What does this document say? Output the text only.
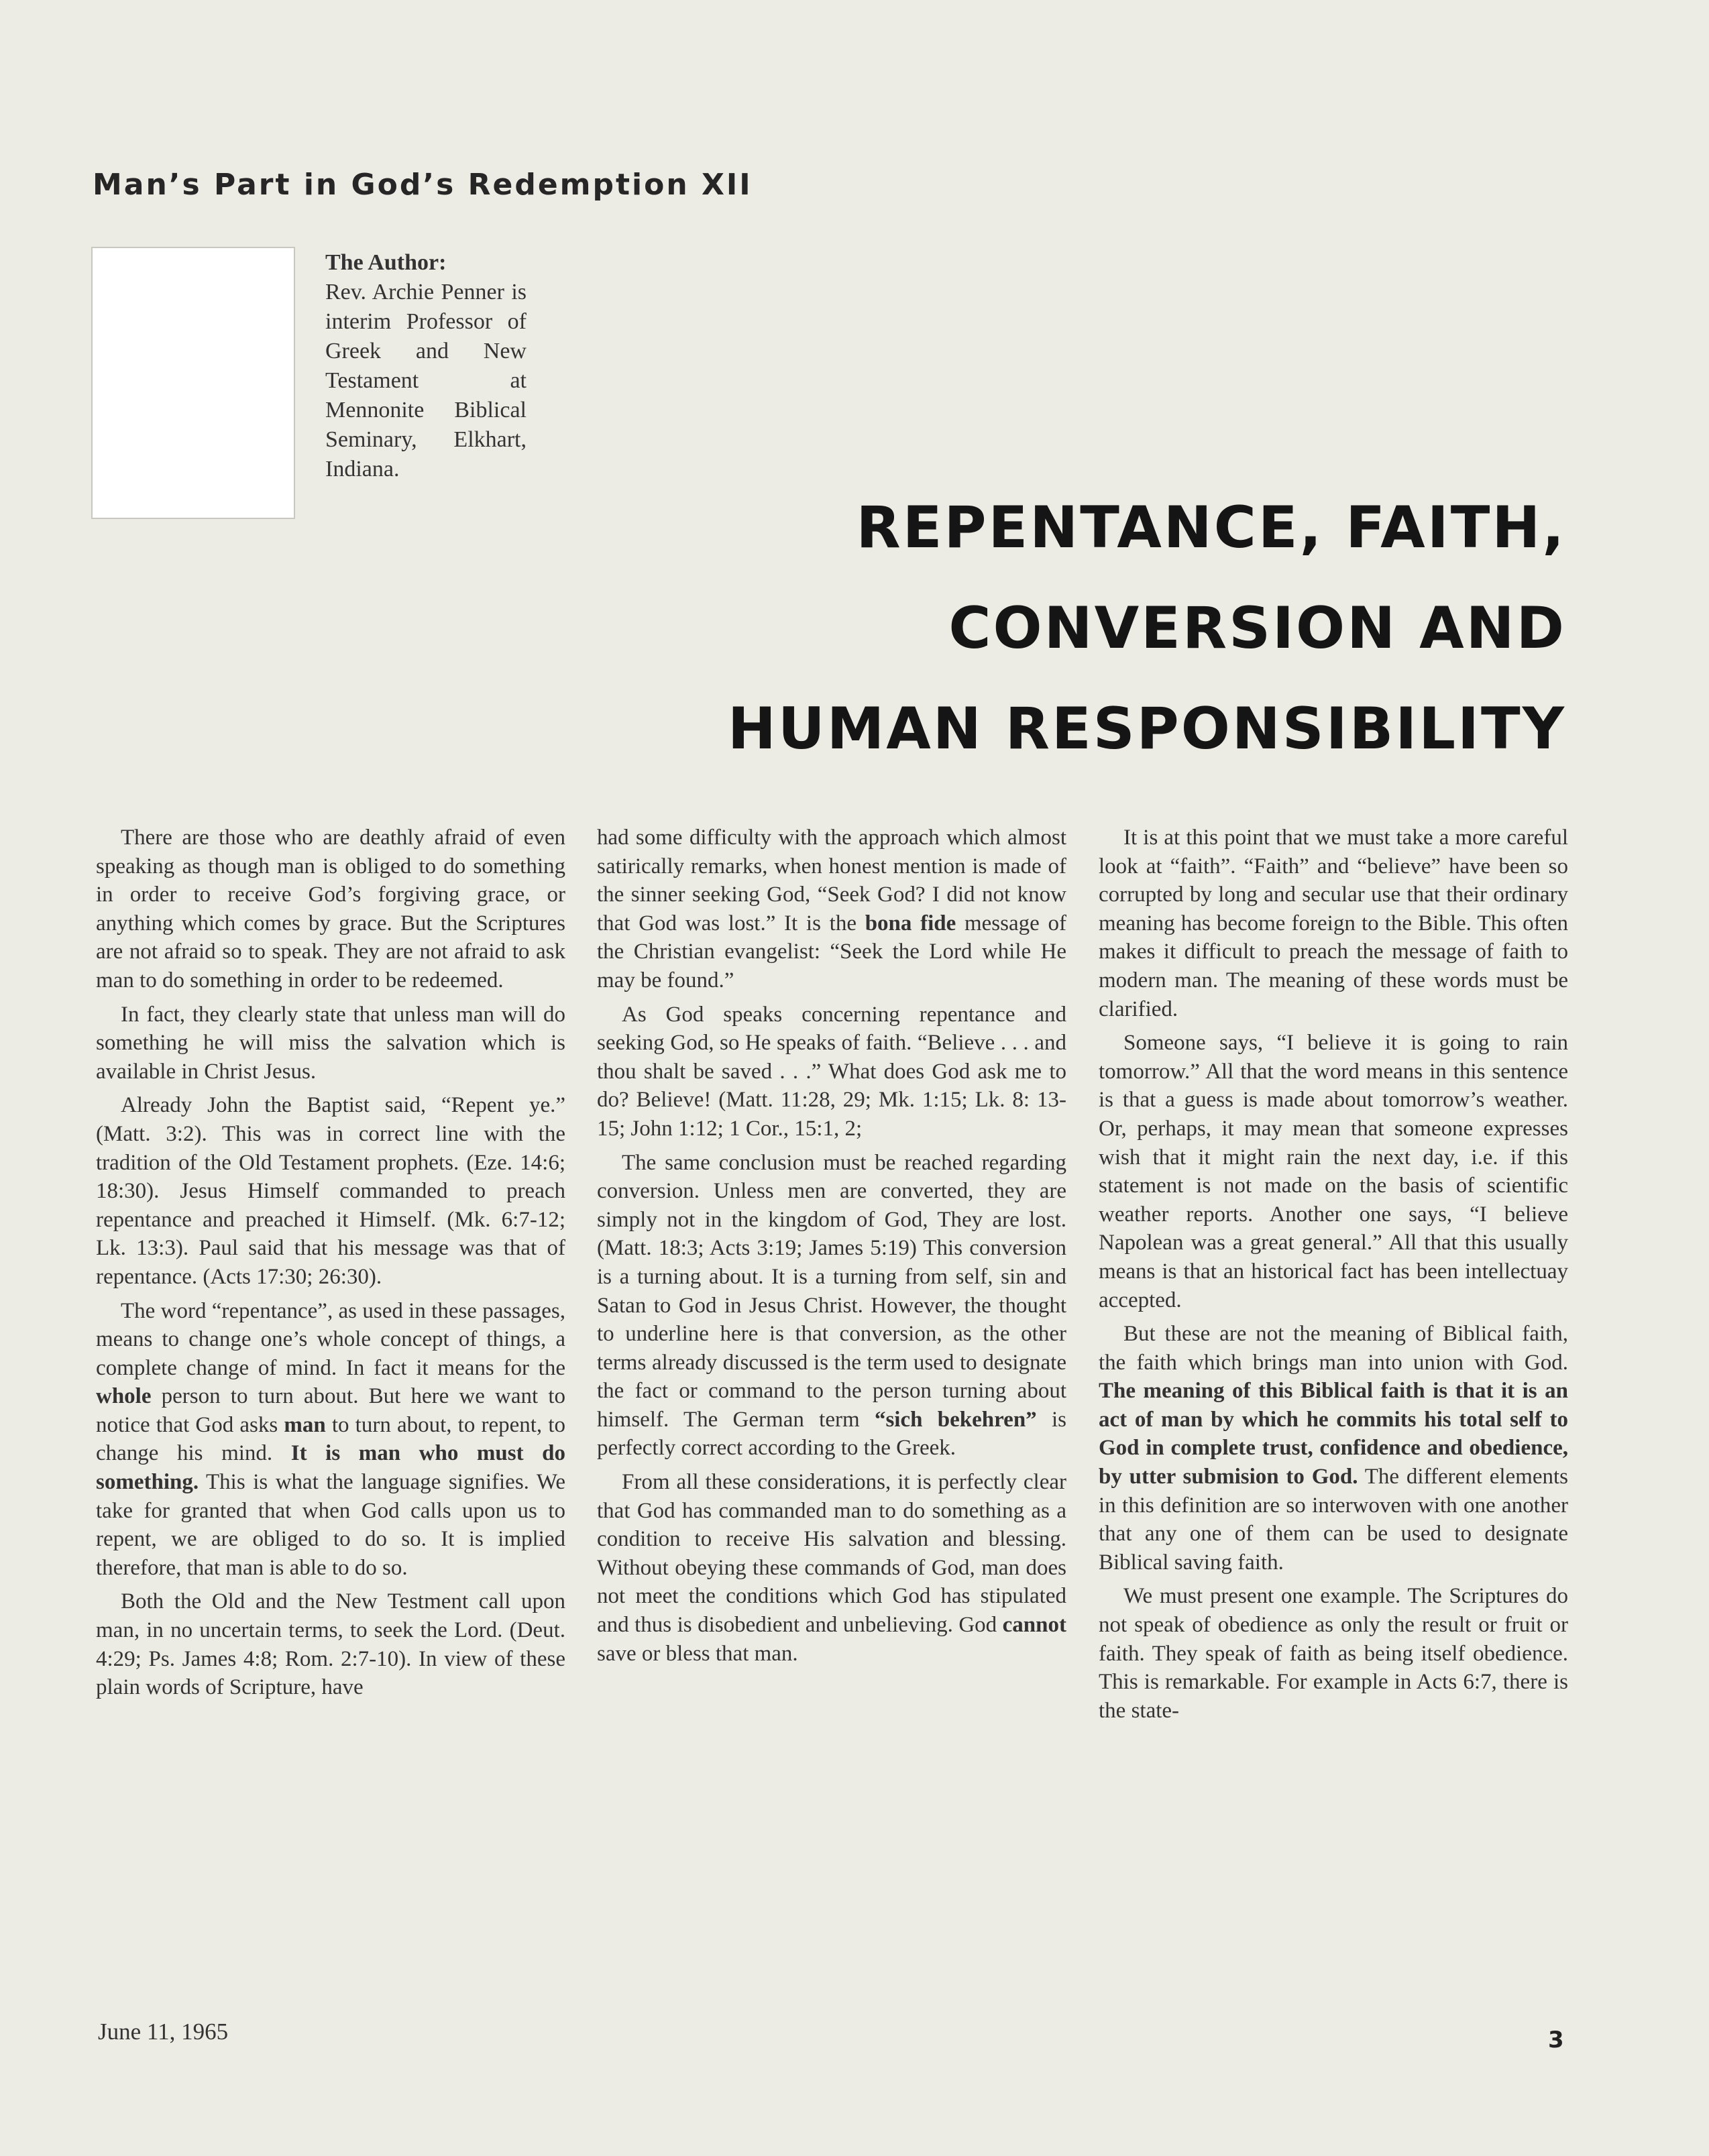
Man’s Part in God’s Redemption XII
The Author:
Rev. Archie Penner is interim Professor of Greek and New Testament at Mennonite Biblical Seminary, Elkhart, Indiana.
REPENTANCE, FAITH,
CONVERSION AND
HUMAN RESPONSIBILITY

There are those who are deathly afraid of even speaking as though man is obliged to do something in order to receive God’s forgiving grace, or anything which comes by grace. But the Scriptures are not afraid so to speak. They are not afraid to ask man to do something in order to be redeemed.

In fact, they clearly state that unless man will do something he will miss the salvation which is available in Christ Jesus.

Already John the Baptist said, “Repent ye.” (Matt. 3:2). This was in correct line with the tradition of the Old Testament prophets. (Eze. 14:6; 18:30). Jesus Himself commanded to preach repentance and preached it Himself. (Mk. 6:7-12; Lk. 13:3). Paul said that his message was that of repentance. (Acts 17:30; 26:30).

The word “repentance”, as used in these passages, means to change one’s whole concept of things, a complete change of mind. In fact it means for the whole person to turn about. But here we want to notice that God asks man to turn about, to repent, to change his mind. It is man who must do something. This is what the language signifies. We take for granted that when God calls upon us to repent, we are obliged to do so. It is implied therefore, that man is able to do so.

Both the Old and the New Testment call upon man, in no uncertain terms, to seek the Lord. (Deut. 4:29; Ps. James 4:8; Rom. 2:7-10). In view of these plain words of Scripture, have

had some difficulty with the approach which almost satirically remarks, when honest mention is made of the sinner seeking God, “Seek God? I did not know that God was lost.” It is the bona fide message of the Christian evangelist: “Seek the Lord while He may be found.”

As God speaks concerning repentance and seeking God, so He speaks of faith. “Believe . . . and thou shalt be saved . . .” What does God ask me to do? Believe! (Matt. 11:28, 29; Mk. 1:15; Lk. 8: 13-15; John 1:12; 1 Cor., 15:1, 2;

The same conclusion must be reached regarding conversion. Unless men are converted, they are simply not in the kingdom of God, They are lost. (Matt. 18:3; Acts 3:19; James 5:19) This conversion is a turning about. It is a turning from self, sin and Satan to God in Jesus Christ. However, the thought to underline here is that conversion, as the other terms already discussed is the term used to designate the fact or command to the person turning about himself. The German term “sich bekehren” is perfectly correct according to the Greek.

From all these considerations, it is perfectly clear that God has commanded man to do something as a condition to receive His salvation and blessing. Without obeying these commands of God, man does not meet the conditions which God has stipulated and thus is disobedient and unbelieving. God cannot save or bless that man.

It is at this point that we must take a more careful look at “faith”. “Faith” and “believe” have been so corrupted by long and secular use that their ordinary meaning has become foreign to the Bible. This often makes it difficult to preach the message of faith to modern man. The meaning of these words must be clarified.

Someone says, “I believe it is going to rain tomorrow.” All that the word means in this sentence is that a guess is made about tomorrow’s weather. Or, perhaps, it may mean that someone expresses wish that it might rain the next day, i.e. if this statement is not made on the basis of scientific weather reports. Another one says, “I believe Napolean was a great general.” All that this usually means is that an historical fact has been intellectuay accepted.

But these are not the meaning of Biblical faith, the faith which brings man into union with God. The meaning of this Biblical faith is that it is an act of man by which he commits his total self to God in complete trust, confidence and obedience, by utter submision to God. The different elements in this definition are so interwoven with one another that any one of them can be used to designate Biblical saving faith.

We must present one example. The Scriptures do not speak of obedience as only the result or fruit or faith. They speak of faith as being itself obedience. This is remarkable. For example in Acts 6:7, there is the state-

June 11, 1965	3
